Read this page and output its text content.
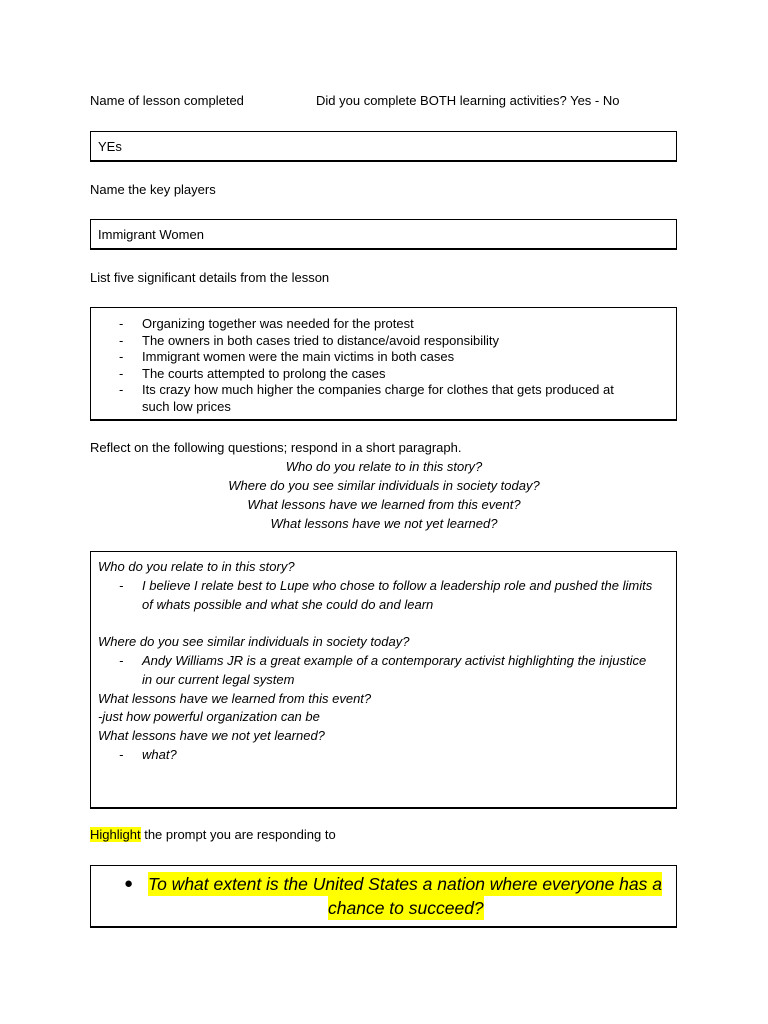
Name of lesson completed	Did you complete BOTH learning activities? Yes - No
YEs
Name the key players
Immigrant Women
List five significant details from the lesson
- Organizing together was needed for the protest
- The owners in both cases tried to distance/avoid responsibility
- Immigrant women were the main victims in both cases
- The courts attempted to prolong the cases
- Its crazy how much higher the companies charge for clothes that gets produced at such low prices
Reflect on the following questions; respond in a short paragraph.
Who do you relate to in this story?
Where do you see similar individuals in society today?
What lessons have we learned from this event?
What lessons have we not yet learned?
Who do you relate to in this story?
- I believe I relate best to Lupe who chose to follow a leadership role and pushed the limits of whats possible and what she could do and learn
Where do you see similar individuals in society today?
- Andy Williams JR is a great example of a contemporary activist highlighting the injustice in our current legal system
What lessons have we learned from this event?
-just how powerful organization can be
What lessons have we not yet learned?
- what?
Highlight the prompt you are responding to
● To what extent is the United States a nation where everyone has a
chance to succeed?
